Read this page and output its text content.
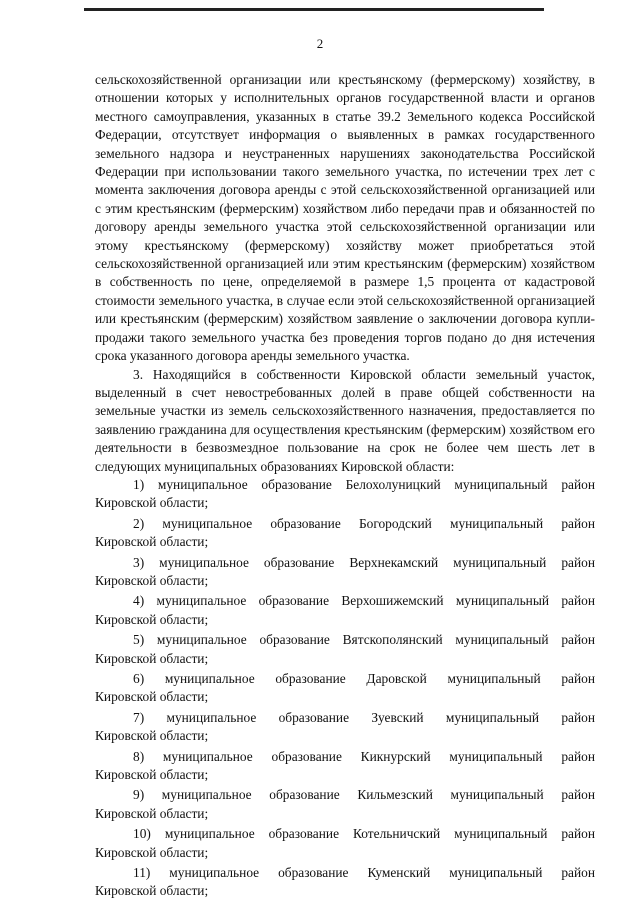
2

сельскохозяйственной организации или крестьянскому (фермерскому) хозяйству, в отношении которых у исполнительных органов государственной власти и органов местного самоуправления, указанных в статье 39.2 Земельного кодекса Российской Федерации, отсутствует информация о выявленных в рамках государственного земельного надзора и неустраненных нарушениях законодательства Российской Федерации при использовании такого земельного участка, по истечении трех лет с момента заключения договора аренды с этой сельскохозяйственной организацией или с этим крестьянским (фермерским) хозяйством либо передачи прав и обязанностей по договору аренды земельного участка этой сельскохозяйственной организации или этому крестьянскому (фермерскому) хозяйству может приобретаться этой сельскохозяйственной организацией или этим крестьянским (фермерским) хозяйством в собственность по цене, определяемой в размере 1,5 процента от кадастровой стоимости земельного участка, в случае если этой сельскохозяйственной организацией или крестьянским (фермерским) хозяйством заявление о заключении договора купли-продажи такого земельного участка без проведения торгов подано до дня истечения срока указанного договора аренды земельного участка.

3. Находящийся в собственности Кировской области земельный участок, выделенный в счет невостребованных долей в праве общей собственности на земельные участки из земель сельскохозяйственного назначения, предоставляется по заявлению гражданина для осуществления крестьянским (фермерским) хозяйством его деятельности в безвозмездное пользование на срок не более чем шесть лет в следующих муниципальных образованиях Кировской области:

1) муниципальное образование Белохолуницкий муниципальный район
Кировской области;
2) муниципальное образование Богородский муниципальный район
Кировской области;
3) муниципальное образование Верхнекамский муниципальный район
Кировской области;
4) муниципальное образование Верхошижемский муниципальный район
Кировской области;
5) муниципальное образование Вятскополянский муниципальный район
Кировской области;
6) муниципальное образование Даровской муниципальный район
Кировской области;
7) муниципальное образование Зуевский муниципальный район
Кировской области;
8) муниципальное образование Кикнурский муниципальный район
Кировской области;
9) муниципальное образование Кильмезский муниципальный район
Кировской области;
10) муниципальное образование Котельничский муниципальный район
Кировской области;
11) муниципальное образование Куменский муниципальный район
Кировской области;
